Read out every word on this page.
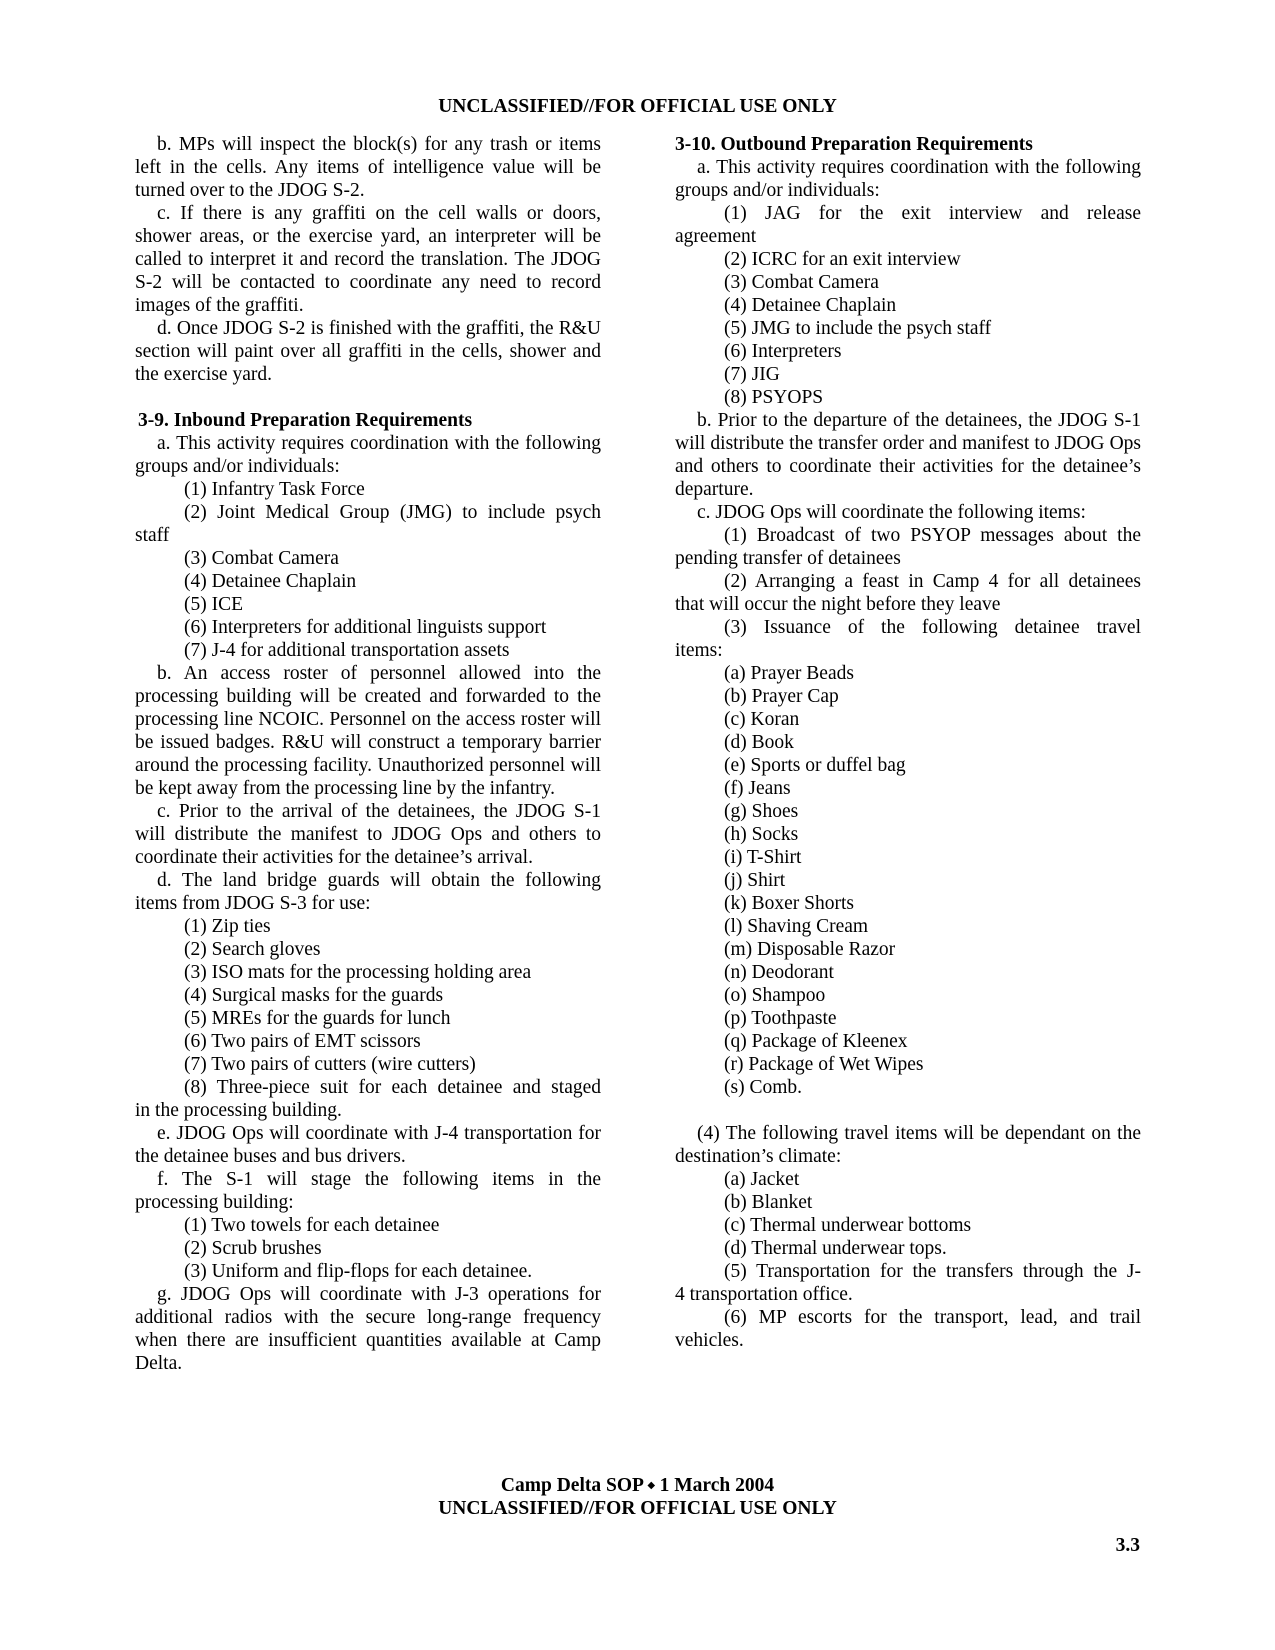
UNCLASSIFIED//FOR OFFICIAL USE ONLY

b. MPs will inspect the block(s) for any trash or items left in the cells. Any items of intelligence value will be turned over to the JDOG S-2.

c. If there is any graffiti on the cell walls or doors, shower areas, or the exercise yard, an interpreter will be called to interpret it and record the translation. The JDOG S-2 will be contacted to coordinate any need to record images of the graffiti.

d. Once JDOG S-2 is finished with the graffiti, the R&U section will paint over all graffiti in the cells, shower and the exercise yard.

3-9. Inbound Preparation Requirements

a. This activity requires coordination with the following groups and/or individuals:

(1) Infantry Task Force

(2) Joint Medical Group (JMG) to include psych

staff

(3) Combat Camera

(4) Detainee Chaplain

(5) ICE

(6) Interpreters for additional linguists support

(7) J-4 for additional transportation assets

b. An access roster of personnel allowed into the processing building will be created and forwarded to the processing line NCOIC. Personnel on the access roster will be issued badges. R&U will construct a temporary barrier around the processing facility. Unauthorized personnel will be kept away from the processing line by the infantry.

c. Prior to the arrival of the detainees, the JDOG S-1 will distribute the manifest to JDOG Ops and others to coordinate their activities for the detainee’s arrival.

d. The land bridge guards will obtain the following items from JDOG S-3 for use:

(1) Zip ties

(2) Search gloves

(3) ISO mats for the processing holding area

(4) Surgical masks for the guards

(5) MREs for the guards for lunch

(6) Two pairs of EMT scissors

(7) Two pairs of cutters (wire cutters)

(8) Three-piece suit for each detainee and staged

in the processing building.

e. JDOG Ops will coordinate with J-4 transportation for the detainee buses and bus drivers.

f. The S-1 will stage the following items in the processing building:

(1) Two towels for each detainee

(2) Scrub brushes

(3) Uniform and flip-flops for each detainee.

g. JDOG Ops will coordinate with J-3 operations for additional radios with the secure long-range frequency when there are insufficient quantities available at Camp Delta.

3-10. Outbound Preparation Requirements

a. This activity requires coordination with the following groups and/or individuals:

(1) JAG for the exit interview and release

agreement

(2) ICRC for an exit interview

(3) Combat Camera

(4) Detainee Chaplain

(5) JMG to include the psych staff

(6) Interpreters

(7) JIG

(8) PSYOPS

b. Prior to the departure of the detainees, the JDOG S-1 will distribute the transfer order and manifest to JDOG Ops and others to coordinate their activities for the detainee’s departure.

c. JDOG Ops will coordinate the following items:

(1) Broadcast of two PSYOP messages about the

pending transfer of detainees

(2) Arranging a feast in Camp 4 for all detainees

that will occur the night before they leave

(3) Issuance of the following detainee travel

items:

(a) Prayer Beads

(b) Prayer Cap

(c) Koran

(d) Book

(e) Sports or duffel bag

(f) Jeans

(g) Shoes

(h) Socks

(i) T-Shirt

(j) Shirt

(k) Boxer Shorts

(l) Shaving Cream

(m) Disposable Razor

(n) Deodorant

(o) Shampoo

(p) Toothpaste

(q) Package of Kleenex

(r) Package of Wet Wipes

(s) Comb.

(4) The following travel items will be dependant on the destination’s climate:

(a) Jacket

(b) Blanket

(c) Thermal underwear bottoms

(d) Thermal underwear tops.

(5) Transportation for the transfers through the J-

4 transportation office.

(6) MP escorts for the transport, lead, and trail

vehicles.

Camp Delta SOP ⬩ 1 March 2004
UNCLASSIFIED//FOR OFFICIAL USE ONLY
3.3
